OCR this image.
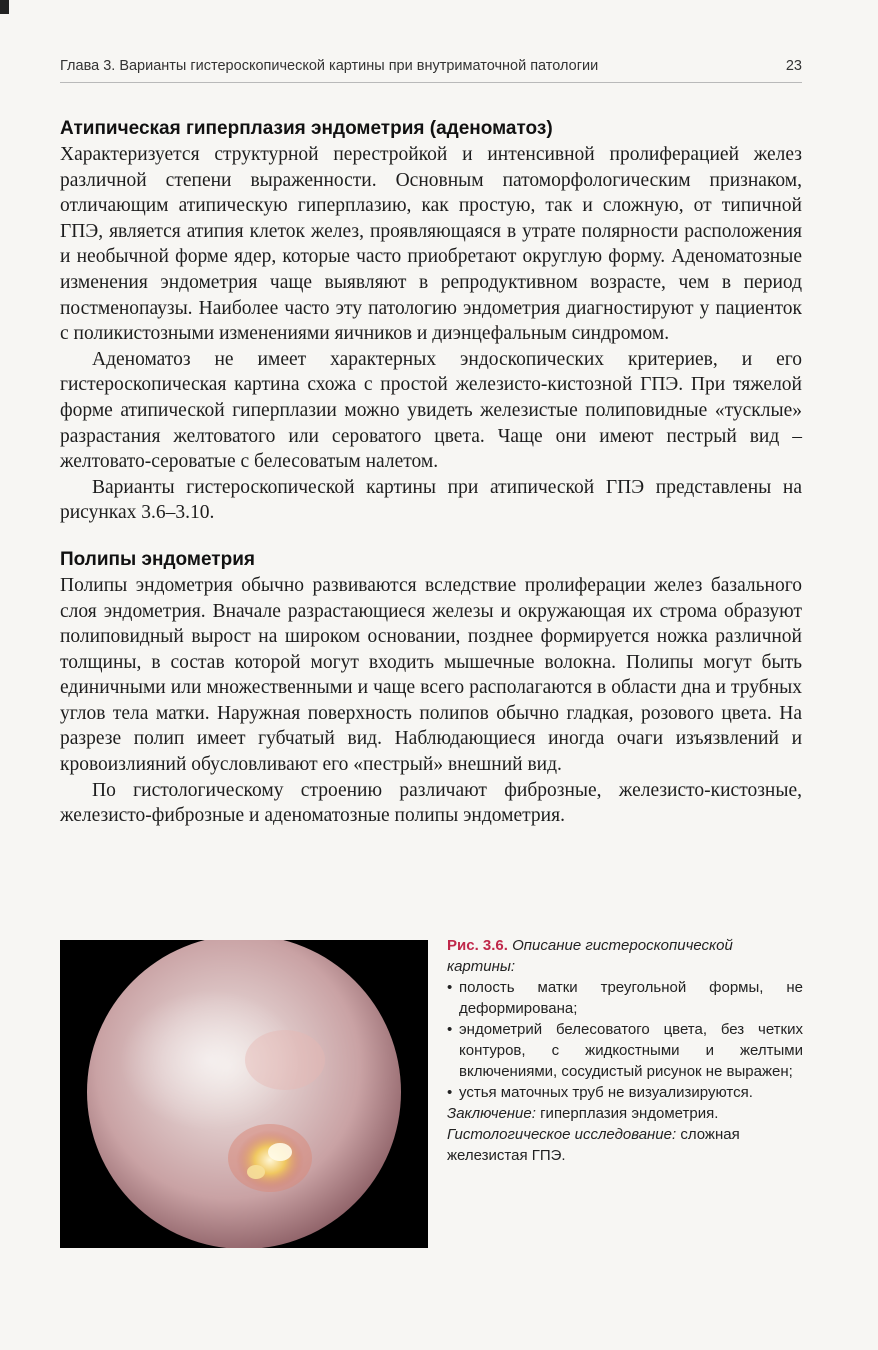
Глава 3. Варианты гистероскопической картины при внутриматочной патологии	23
Атипическая гиперплазия эндометрия (аденоматоз)

Характеризуется структурной перестройкой и интенсивной пролиферацией желез различной степени выраженности. Основным патоморфологическим признаком, отличающим атипическую гиперплазию, как простую, так и сложную, от типичной ГПЭ, является атипия клеток желез, проявляющаяся в утрате полярности расположения и необычной форме ядер, которые часто приобретают округлую форму. Аденоматозные изменения эндометрия чаще выявляют в репродуктивном возрасте, чем в период постменопаузы. Наиболее часто эту патологию эндометрия диагностируют у пациенток с поликистозными изменениями яичников и диэнцефальным синдромом.

Аденоматоз не имеет характерных эндоскопических критериев, и его гистероскопическая картина схожа с простой железисто-кистозной ГПЭ. При тяжелой форме атипической гиперплазии можно увидеть железистые полиповидные «тусклые» разрастания желтоватого или сероватого цвета. Чаще они имеют пестрый вид – желтовато-сероватые с белесоватым налетом.

Варианты гистероскопической картины при атипической ГПЭ представлены на рисунках 3.6–3.10.

Полипы эндометрия

Полипы эндометрия обычно развиваются вследствие пролиферации желез базального слоя эндометрия. Вначале разрастающиеся железы и окружающая их строма образуют полиповидный вырост на широком основании, позднее формируется ножка различной толщины, в состав которой могут входить мышечные волокна. Полипы могут быть единичными или множественными и чаще всего располагаются в области дна и трубных углов тела матки. Наружная поверхность полипов обычно гладкая, розового цвета. На разрезе полип имеет губчатый вид. Наблюдающиеся иногда очаги изъязвлений и кровоизлияний обусловливают его «пестрый» внешний вид.

По гистологическому строению различают фиброзные, железисто-кистозные, железисто-фиброзные и аденоматозные полипы эндометрия.

Рис. 3.6. Описание гистероскопической картины:
• полость матки треугольной формы, не деформирована;
• эндометрий белесоватого цвета, без четких контуров, с жидкостными и желтыми включениями, сосудистый рисунок не выражен;
• устья маточных труб не визуализируются.
Заключение: гиперплазия эндометрия.
Гистологическое исследование: сложная железистая ГПЭ.
